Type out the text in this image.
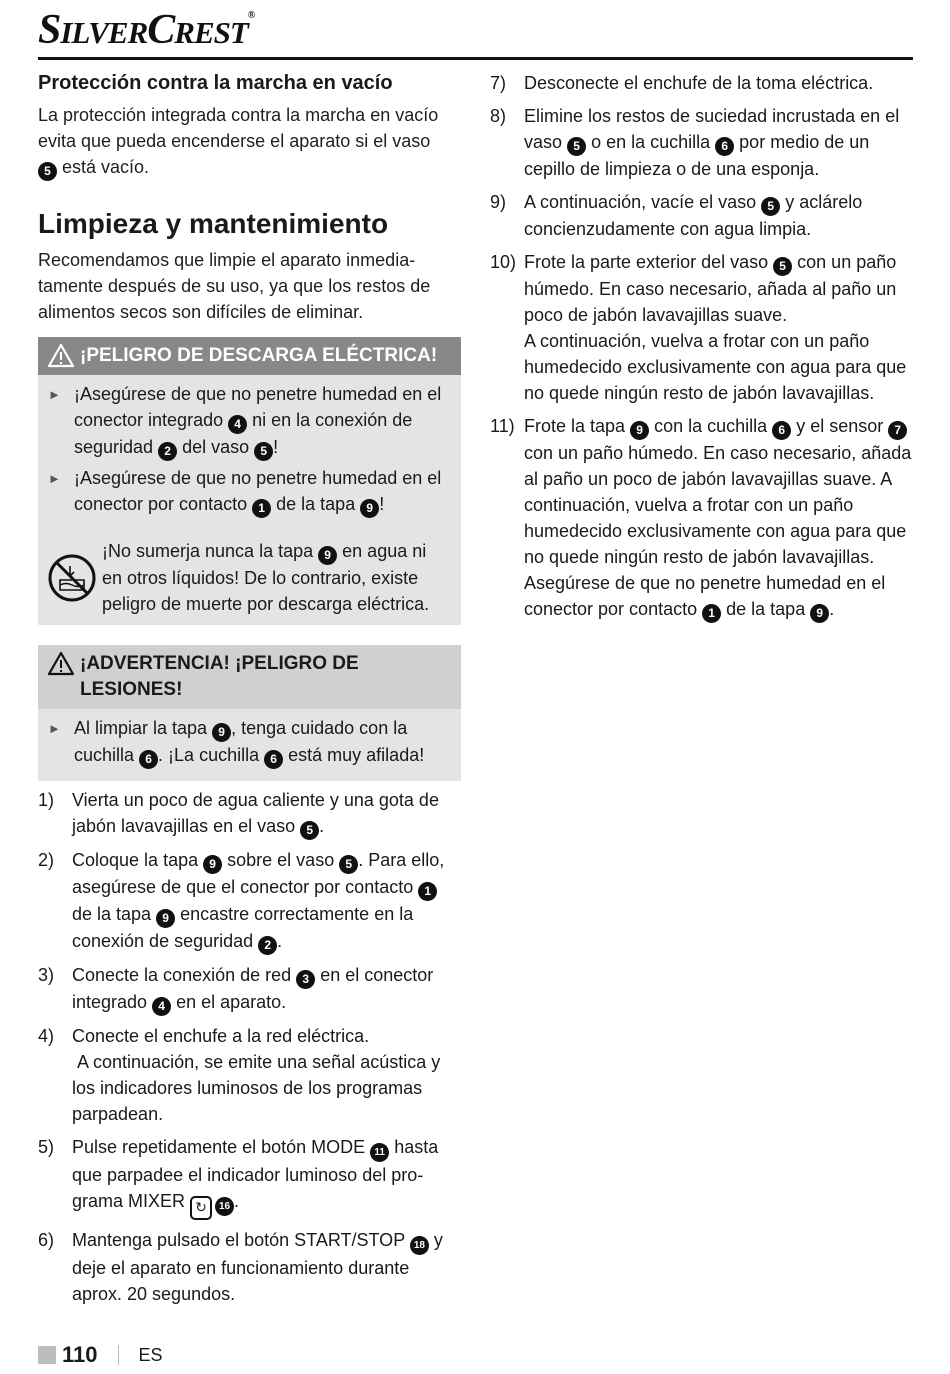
SILVERCREST®
Protección contra la marcha en vacío
La protección integrada contra la marcha en vacío evita que pueda encenderse el aparato si el vaso
5 está vacío.
Limpieza y mantenimiento
Recomendamos que limpie el aparato inmedia-tamente después de su uso, ya que los restos de alimentos secos son difíciles de eliminar.
¡PELIGRO DE DESCARGA ELÉCTRICA!
► ¡Asegúrese de que no penetre humedad en el conector integrado 4 ni en la conexión de seguridad 2 del vaso 5 !
► ¡Asegúrese de que no penetre humedad en el conector por contacto 1 de la tapa 9 !
¡No sumerja nunca la tapa 9 en agua ni en otros líquidos! De lo contrario, existe peligro de muerte por descarga eléctrica.
¡ADVERTENCIA! ¡PELIGRO DE LESIONES!
► Al limpiar la tapa 9 , tenga cuidado con la cuchilla 6 . ¡La cuchilla 6 está muy afilada!
1) Vierta un poco de agua caliente y una gota de jabón lavavajillas en el vaso 5 .
2) Coloque la tapa 9 sobre el vaso 5 . Para ello, asegúrese de que el conector por contacto 1 de la tapa 9 encastre correctamente en la conexión de seguridad 2 .
3) Conecte la conexión de red 3 en el conector integrado 4 en el aparato.
4) Conecte el enchufe a la red eléctrica.
A continuación, se emite una señal acústica y los indicadores luminosos de los programas parpadean.
5) Pulse repetidamente el botón MODE 11 hasta que parpadee el indicador luminoso del pro-grama MIXER ↻ 16 .
6) Mantenga pulsado el botón START/STOP 18 y deje el aparato en funcionamiento durante aprox. 20 segundos.
7) Desconecte el enchufe de la toma eléctrica.
8) Elimine los restos de suciedad incrustada en el vaso 5 o en la cuchilla 6 por medio de un cepillo de limpieza o de una esponja.
9) A continuación, vacíe el vaso 5 y aclárelo concienzudamente con agua limpia.
10) Frote la parte exterior del vaso 5 con un paño húmedo. En caso necesario, añada al paño un poco de jabón lavavajillas suave.
A continuación, vuelva a frotar con un paño humedecido exclusivamente con agua para que no quede ningún resto de jabón lavavajillas.
11) Frote la tapa 9 con la cuchilla 6 y el sensor 7 con un paño húmedo. En caso necesario, añada al paño un poco de jabón lavavajillas suave. A continuación, vuelva a frotar con un paño humedecido exclusivamente con agua para que no quede ningún resto de jabón lavavajillas. Asegúrese de que no penetre humedad en el conector por contacto 1 de la tapa 9 .
110 ES
